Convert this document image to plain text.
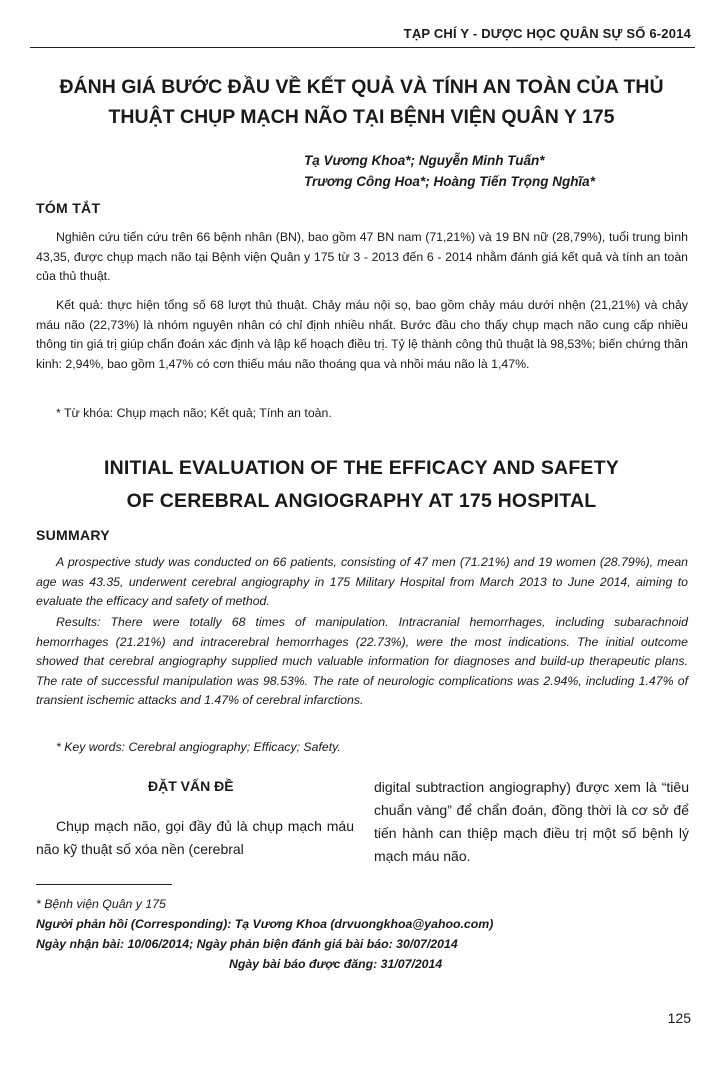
TẠP CHÍ Y - DƯỢC HỌC QUÂN SỰ SỐ 6-2014
ĐÁNH GIÁ BƯỚC ĐẦU VỀ KẾT QUẢ VÀ TÍNH AN TOÀN CỦA THỦ THUẬT CHỤP MẠCH NÃO TẠI BỆNH VIỆN QUÂN Y 175
Tạ Vương Khoa*; Nguyễn Minh Tuấn*
Trương Công Hoa*; Hoàng Tiến Trọng Nghĩa*
TÓM TẮT
Nghiên cứu tiến cứu trên 66 bệnh nhân (BN), bao gồm 47 BN nam (71,21%) và 19 BN nữ (28,79%), tuổi trung bình 43,35, được chụp mạch não tại Bệnh viện Quân y 175 từ 3 - 2013 đến 6 - 2014 nhằm đánh giá kết quả và tính an toàn của thủ thuật.
Kết quả: thực hiện tổng số 68 lượt thủ thuật. Chảy máu nội sọ, bao gồm chảy máu dưới nhện (21,21%) và chảy máu não (22,73%) là nhóm nguyên nhân có chỉ định nhiều nhất. Bước đầu cho thấy chụp mạch não cung cấp nhiều thông tin giá trị giúp chẩn đoán xác định và lập kế hoạch điều trị. Tỷ lệ thành công thủ thuật là 98,53%; biến chứng thần kinh: 2,94%, bao gồm 1,47% có cơn thiếu máu não thoáng qua và nhồi máu não là 1,47%.
* Từ khóa: Chụp mạch não; Kết quả; Tính an toàn.
INITIAL EVALUATION OF THE EFFICACY AND SAFETY
OF CEREBRAL ANGIOGRAPHY AT 175 HOSPITAL
SUMMARY
A prospective study was conducted on 66 patients, consisting of 47 men (71.21%) and 19 women (28.79%), mean age was 43.35, underwent cerebral angiography in 175 Military Hospital from March 2013 to June 2014, aiming to evaluate the efficacy and safety of method.
Results: There were totally 68 times of manipulation. Intracranial hemorrhages, including subarachnoid hemorrhages (21.21%) and intracerebral hemorrhages (22.73%), were the most indications. The initial outcome showed that cerebral angiography supplied much valuable information for diagnoses and build-up therapeutic plans. The rate of successful manipulation was 98.53%. The rate of neurologic complications was 2.94%, including 1.47% of transient ischemic attacks and 1.47% of cerebral infarctions.
* Key words: Cerebral angiography; Efficacy; Safety.
ĐẶT VẤN ĐỀ
Chụp mạch não, gọi đầy đủ là chụp mạch máu não kỹ thuật số xóa nền (cerebral
digital subtraction angiography) được xem là “tiêu chuẩn vàng” để chẩn đoán, đồng thời là cơ sở để tiến hành can thiệp mạch điều trị một số bệnh lý mạch máu não.
* Bệnh viện Quân y 175
Người phản hồi (Corresponding): Tạ Vương Khoa (drvuongkhoa@yahoo.com)
Ngày nhận bài: 10/06/2014; Ngày phản biện đánh giá bài báo: 30/07/2014
Ngày bài báo được đăng: 31/07/2014
125
